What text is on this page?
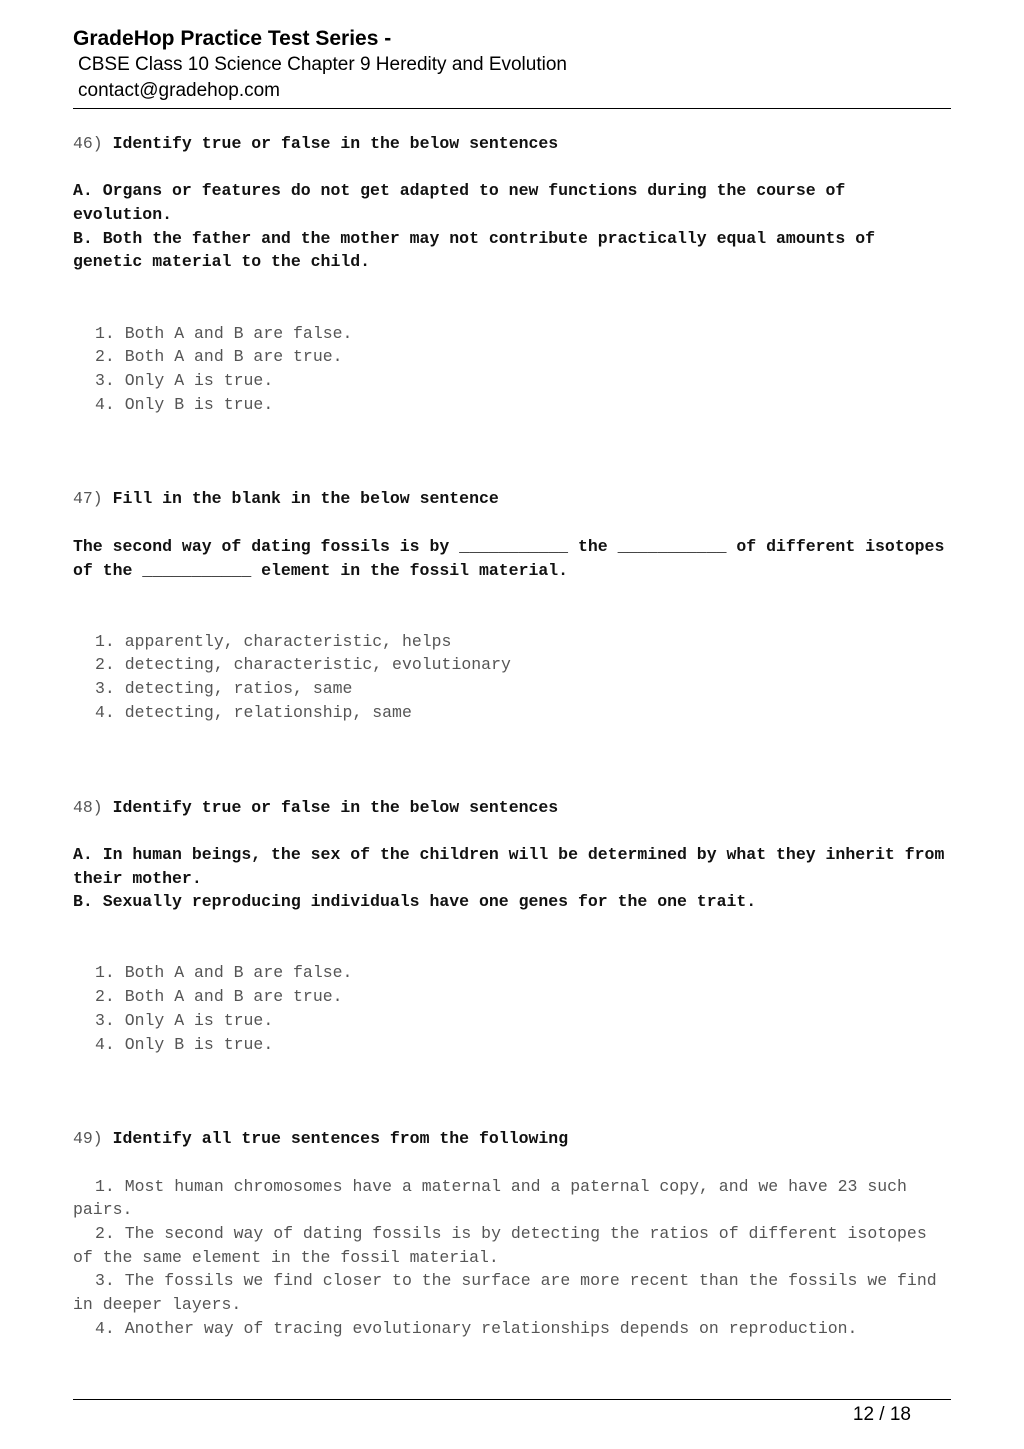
GradeHop Practice Test Series -
CBSE Class 10 Science Chapter 9 Heredity and Evolution
contact@gradehop.com
46) Identify true or false in the below sentences
A. Organs or features do not get adapted to new functions during the course of evolution.
B. Both the father and the mother may not contribute practically equal amounts of genetic material to the child.
1. Both A and B are false.
2. Both A and B are true.
3. Only A is true.
4. Only B is true.
47) Fill in the blank in the below sentence
The second way of dating fossils is by ___________ the ___________ of different isotopes of the ___________ element in the fossil material.
1. apparently, characteristic, helps
2. detecting, characteristic, evolutionary
3. detecting, ratios, same
4. detecting, relationship, same
48) Identify true or false in the below sentences
A. In human beings, the sex of the children will be determined by what they inherit from their mother.
B. Sexually reproducing individuals have one genes for the one trait.
1. Both A and B are false.
2. Both A and B are true.
3. Only A is true.
4. Only B is true.
49) Identify all true sentences from the following
1. Most human chromosomes have a maternal and a paternal copy, and we have 23 such pairs.
2. The second way of dating fossils is by detecting the ratios of different isotopes of the same element in the fossil material.
3. The fossils we find closer to the surface are more recent than the fossils we find in deeper layers.
4. Another way of tracing evolutionary relationships depends on reproduction.
12 / 18
